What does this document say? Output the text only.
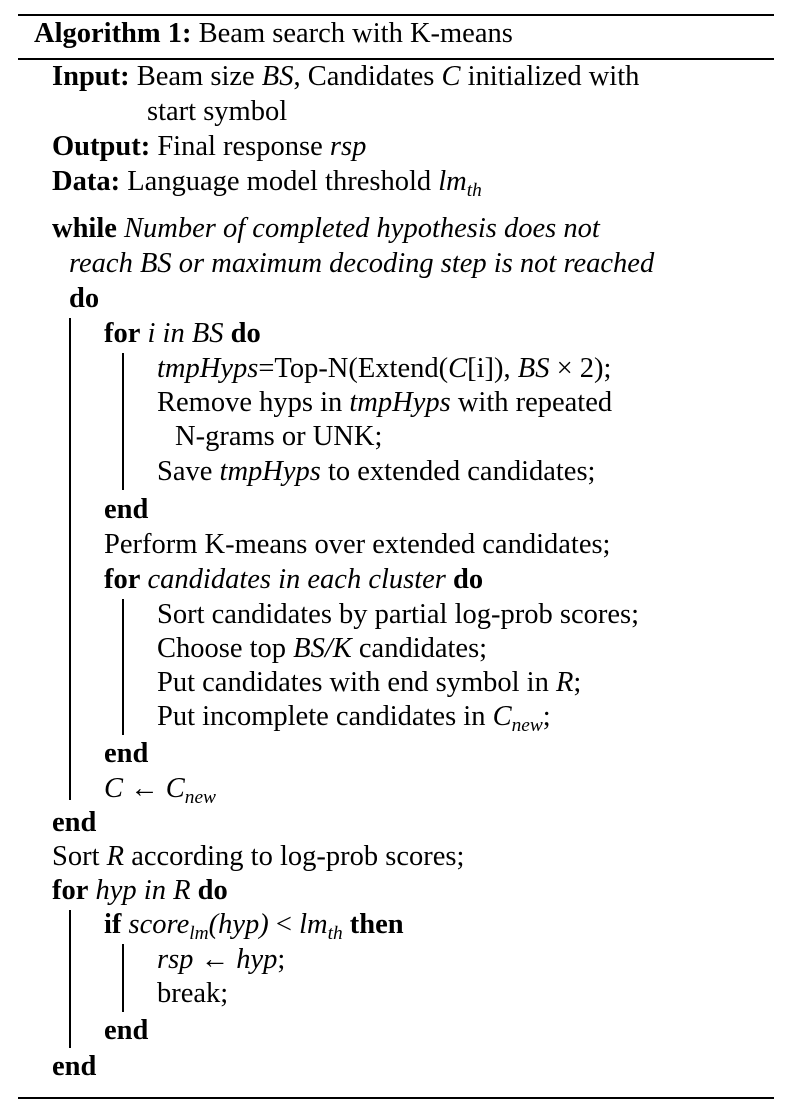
Algorithm 1: Beam search with K-means
Input: Beam size BS, Candidates C initialized with
start symbol
Output: Final response rsp
Data: Language model threshold $lm_{th}$
while Number of completed hypothesis does not
reach BS or maximum decoding step is not reached
do
for i in BS do
tmpHyps=Top-N(Extend(C[i]), BS × 2);
Remove hyps in tmpHyps with repeated
N-grams or UNK;
Save tmpHyps to extended candidates;
end
Perform K-means over extended candidates;
for candidates in each cluster do
Sort candidates by partial log-prob scores;
Choose top BS/K candidates;
Put candidates with end symbol in R;
Put incomplete candidates in $C_{new}$;
end
C ← $C_{new}$
end
Sort R according to log-prob scores;
for hyp in R do
if score$_{lm}$(hyp) < $lm_{th}$ then
rsp ← hyp;
break;
end
end
